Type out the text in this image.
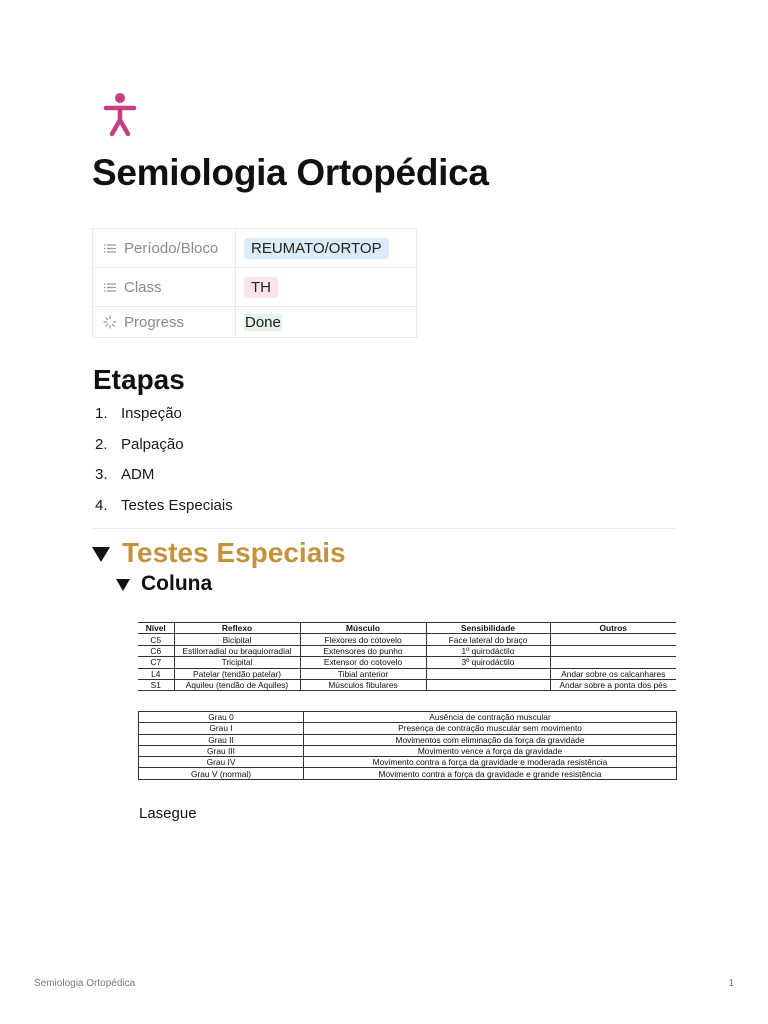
Semiologia Ortopédica
Período/Bloco	REUMATO/ORTOP

Class	TH

Progress	Done
Etapas
1. Inspeção
2. Palpação
3. ADM
4. Testes Especiais
Testes Especiais
Coluna
Nível	Reflexo	Músculo	Sensibilidade	Outros
C5	Bicipital	Flexores do cotovelo	Face lateral do braço	
C6	Estilorradial ou braquiorradial	Extensores do punho	1º quirodáctilo	
C7	Tricipital	Extensor do cotovelo	3º quirodáctilo	
L4	Patelar (tendão patelar)	Tibial anterior		Andar sobre os calcanhares
S1	Aquileu (tendão de Aquiles)	Músculos fibulares		Andar sobre a ponta dos pés
Grau 0	Ausência de contração muscular
Grau I	Presença de contração muscular sem movimento
Grau II	Movimentos com eliminação da força da gravidade
Grau III	Movimento vence a força da gravidade
Grau IV	Movimento contra a força da gravidade e moderada resistência
Grau V (normal)	Movimento contra a força da gravidade e grande resistência
Lasegue
Semiologia Ortopédica	1
